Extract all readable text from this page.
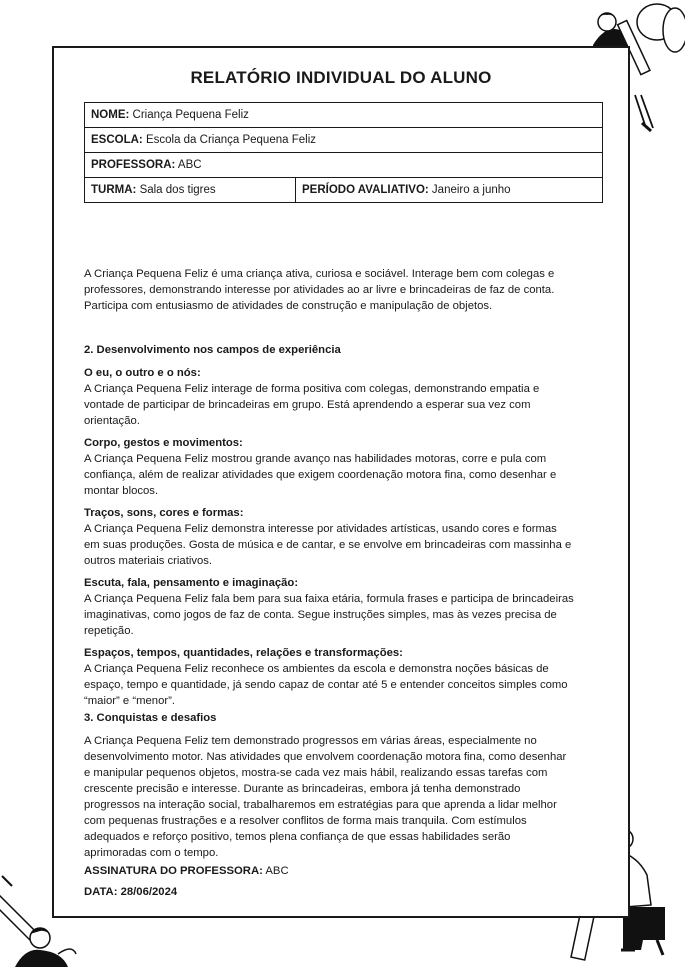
RELATÓRIO INDIVIDUAL DO ALUNO
NOME: Criança Pequena Feliz
ESCOLA: Escola da Criança Pequena Feliz
PROFESSORA: ABC
TURMA: Sala dos tigres	PERÍODO AVALIATIVO: Janeiro a junho

A Criança Pequena Feliz é uma criança ativa, curiosa e sociável. Interage bem com colegas e professores, demonstrando interesse por atividades ao ar livre e brincadeiras de faz de conta. Participa com entusiasmo de atividades de construção e manipulação de objetos.

2. Desenvolvimento nos campos de experiência

O eu, o outro e o nós:

A Criança Pequena Feliz interage de forma positiva com colegas, demonstrando empatia e vontade de participar de brincadeiras em grupo. Está aprendendo a esperar sua vez com orientação.

Corpo, gestos e movimentos:

A Criança Pequena Feliz mostrou grande avanço nas habilidades motoras, corre e pula com confiança, além de realizar atividades que exigem coordenação motora fina, como desenhar e montar blocos.

Traços, sons, cores e formas:

A Criança Pequena Feliz demonstra interesse por atividades artísticas, usando cores e formas em suas produções. Gosta de música e de cantar, e se envolve em brincadeiras com massinha e outros materiais criativos.

Escuta, fala, pensamento e imaginação:

A Criança Pequena Feliz fala bem para sua faixa etária, formula frases e participa de brincadeiras imaginativas, como jogos de faz de conta. Segue instruções simples, mas às vezes precisa de repetição.

Espaços, tempos, quantidades, relações e transformações:

A Criança Pequena Feliz reconhece os ambientes da escola e demonstra noções básicas de espaço, tempo e quantidade, já sendo capaz de contar até 5 e entender conceitos simples como “maior” e “menor”.

3. Conquistas e desafios

A Criança Pequena Feliz tem demonstrado progressos em várias áreas, especialmente no desenvolvimento motor. Nas atividades que envolvem coordenação motora fina, como desenhar e manipular pequenos objetos, mostra-se cada vez mais hábil, realizando essas tarefas com crescente precisão e interesse. Durante as brincadeiras, embora já tenha demonstrado progressos na interação social, trabalharemos em estratégias para que aprenda a lidar melhor com pequenas frustrações e a resolver conflitos de forma mais tranquila. Com estímulos adequados e reforço positivo, temos plena confiança de que essas habilidades serão aprimoradas com o tempo.

ASSINATURA DO PROFESSORA: ABC

DATA: 28/06/2024
